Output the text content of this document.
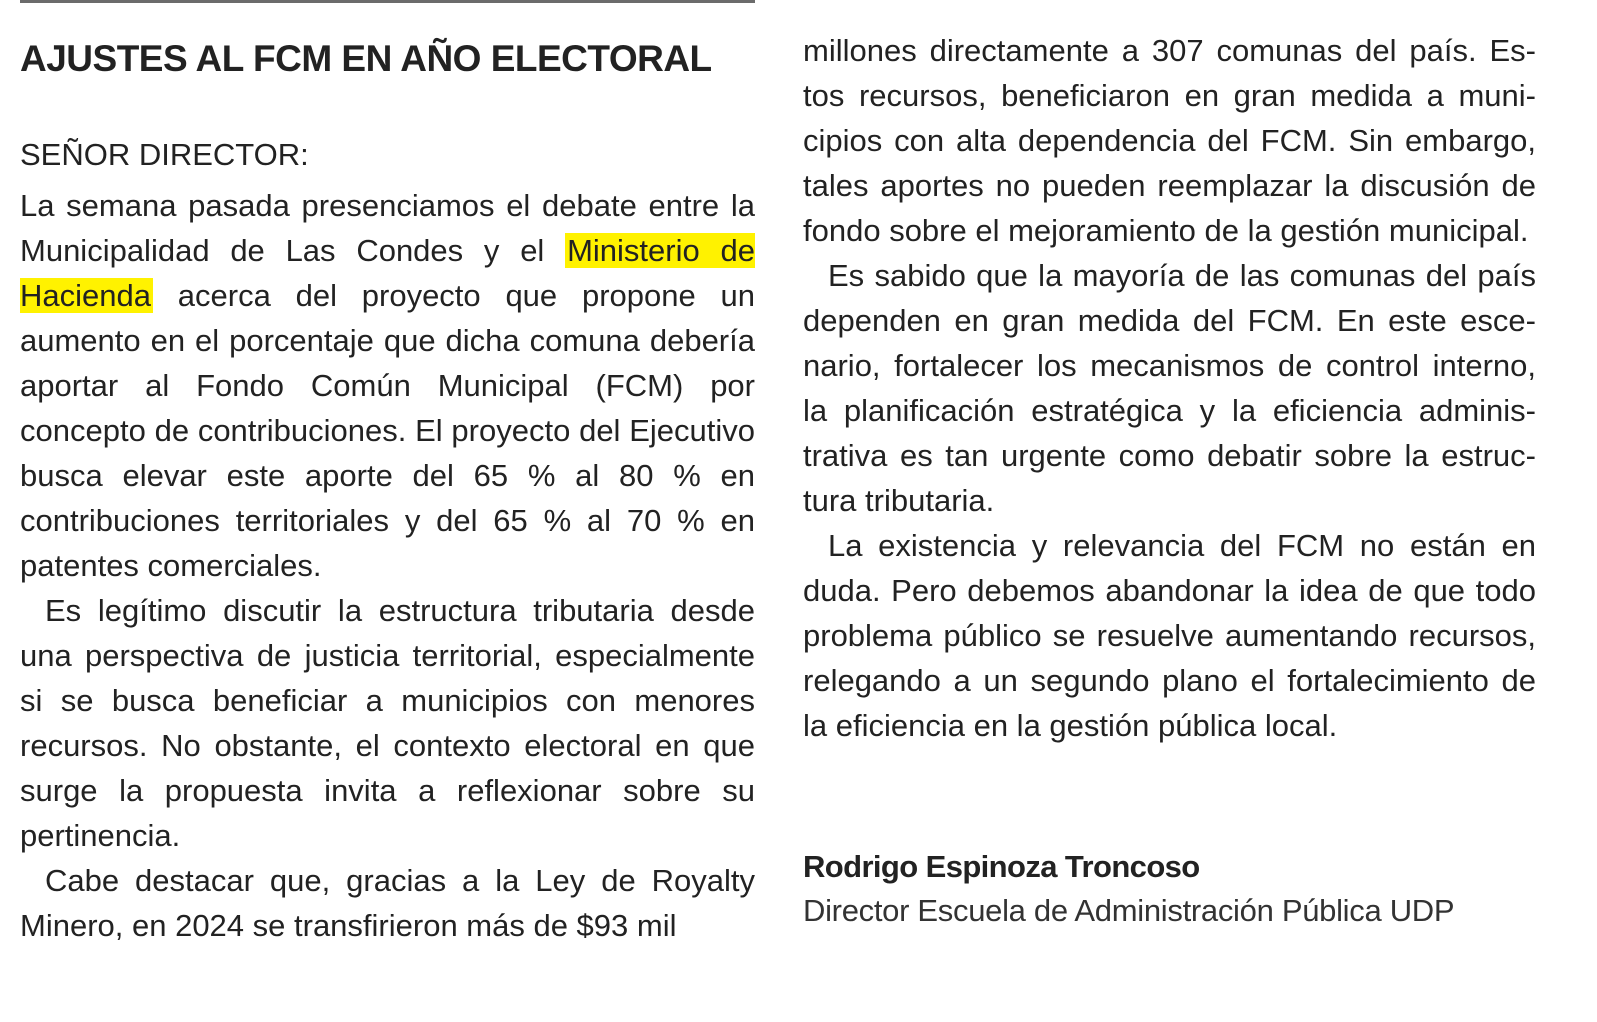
AJUSTES AL FCM EN AÑO ELECTORAL
SEÑOR DIRECTOR:

La semana pasada presenciamos el debate entre la Municipalidad de Las Condes y el Ministerio de Hacienda acerca del proyecto que propone un aumento en el porcentaje que dicha comuna debería aportar al Fondo Común Municipal (FCM) por concepto de contribuciones. El proyecto del Ejecutivo busca elevar este aporte del 65 % al 80 % en contribuciones territoriales y del 65 % al 70 % en patentes comerciales.

Es legítimo discutir la estructura tributaria desde una perspectiva de justicia territorial, especialmente si se busca beneficiar a municipios con menores recursos. No obstante, el contexto electoral en que surge la propuesta invita a reflexionar sobre su pertinencia.

Cabe destacar que, gracias a la Ley de Royalty Minero, en 2024 se transfirieron más de $93 mil

millones directamente a 307 comunas del país. Estos recursos, beneficiaron en gran medida a municipios con alta dependencia del FCM. Sin embargo, tales aportes no pueden reemplazar la discusión de fondo sobre el mejoramiento de la gestión municipal.

Es sabido que la mayoría de las comunas del país dependen en gran medida del FCM. En este escenario, fortalecer los mecanismos de control interno, la planificación estratégica y la eficiencia administrativa es tan urgente como debatir sobre la estructura tributaria.

La existencia y relevancia del FCM no están en duda. Pero debemos abandonar la idea de que todo problema público se resuelve aumentando recursos, relegando a un segundo plano el fortalecimiento de la eficiencia en la gestión pública local.

Rodrigo Espinoza Troncoso
Director Escuela de Administración Pública UDP
